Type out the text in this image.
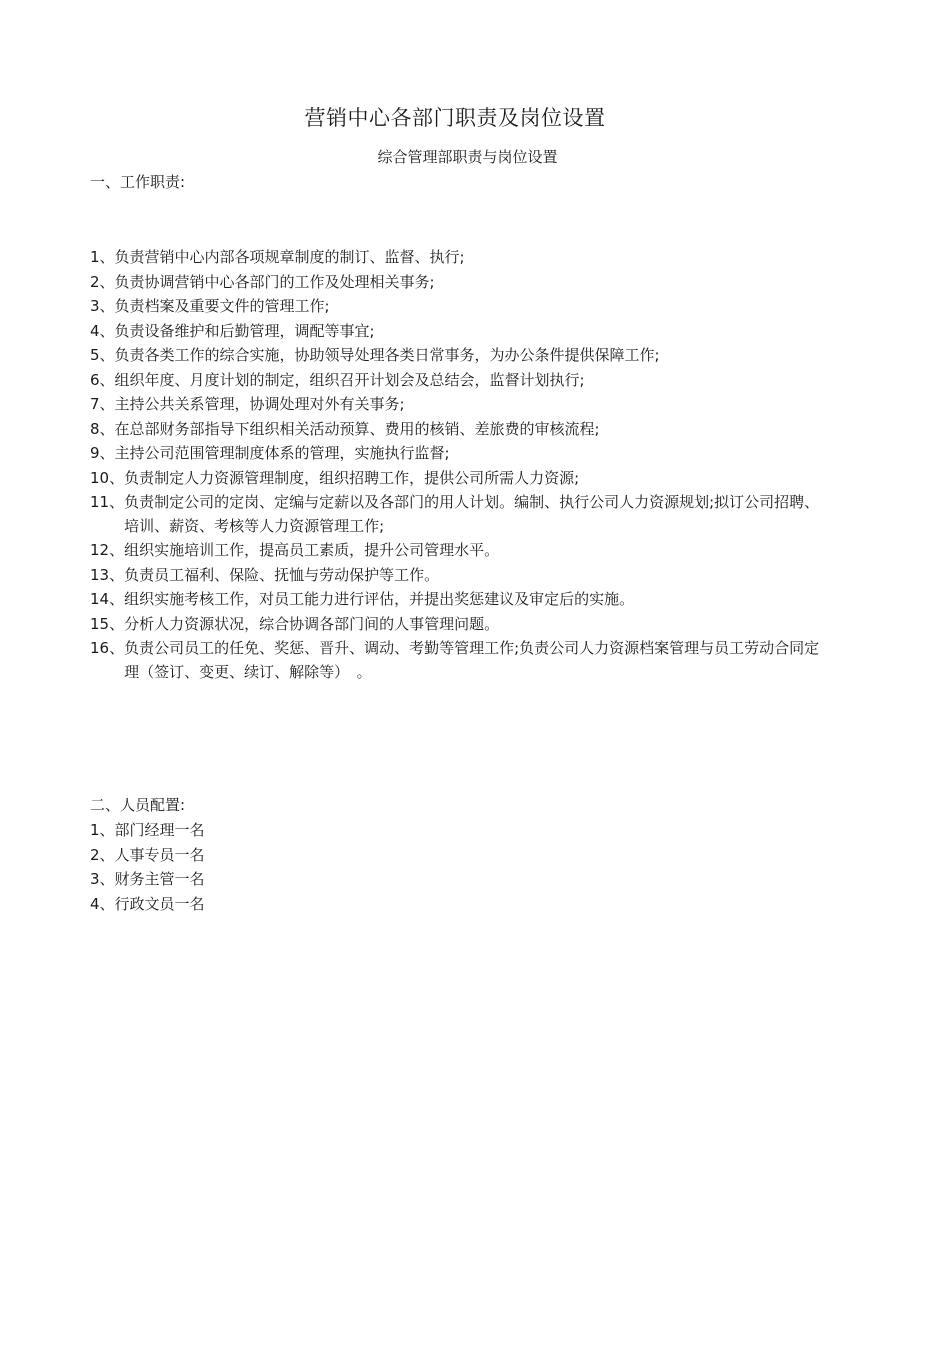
营销中心各部门职责及岗位设置
综合管理部职责与岗位设置
一、工作职责:
1、 负责营销中心内部各项规章制度的制订、监督、执行;
2、 负责协调营销中心各部门的工作及处理相关事务;
3、 负责档案及重要文件的管理工作;
4、 负责设备维护和后勤管理，调配等事宜;
5、 负责各类工作的综合实施，协助领导处理各类日常事务，为办公条件提供保障工作;
6、 组织年度、月度计划的制定，组织召开计划会及总结会，监督计划执行;
7、 主持公共关系管理，协调处理对外有关事务;
8、 在总部财务部指导下组织相关活动预算、费用的核销、差旅费的审核流程;
9、 主持公司范围管理制度体系的管理，实施执行监督;
10、 负责制定人力资源管理制度，组织招聘工作，提供公司所需人力资源;
11、 负责制定公司的定岗、定编与定薪以及各部门的用人计划。编制、执行公司人力资源规划;拟订公司招聘、培训、薪资、考核等人力资源管理工作;
12、 组织实施培训工作，提高员工素质，提升公司管理水平。
13、 负责员工福利、保险、抚恤与劳动保护等工作。
14、 组织实施考核工作，对员工能力进行评估，并提出奖惩建议及审定后的实施。
15、 分析人力资源状况，综合协调各部门间的人事管理问题。
16、 负责公司员工的任免、奖惩、晋升、调动、考勤等管理工作;负责公司人力资源档案管理与员工劳动合同定理（签订、变更、续订、解除等）　。
二、人员配置:
1、 部门经理一名
2、 人事专员一名
3、 财务主管一名
4、 行政文员一名
